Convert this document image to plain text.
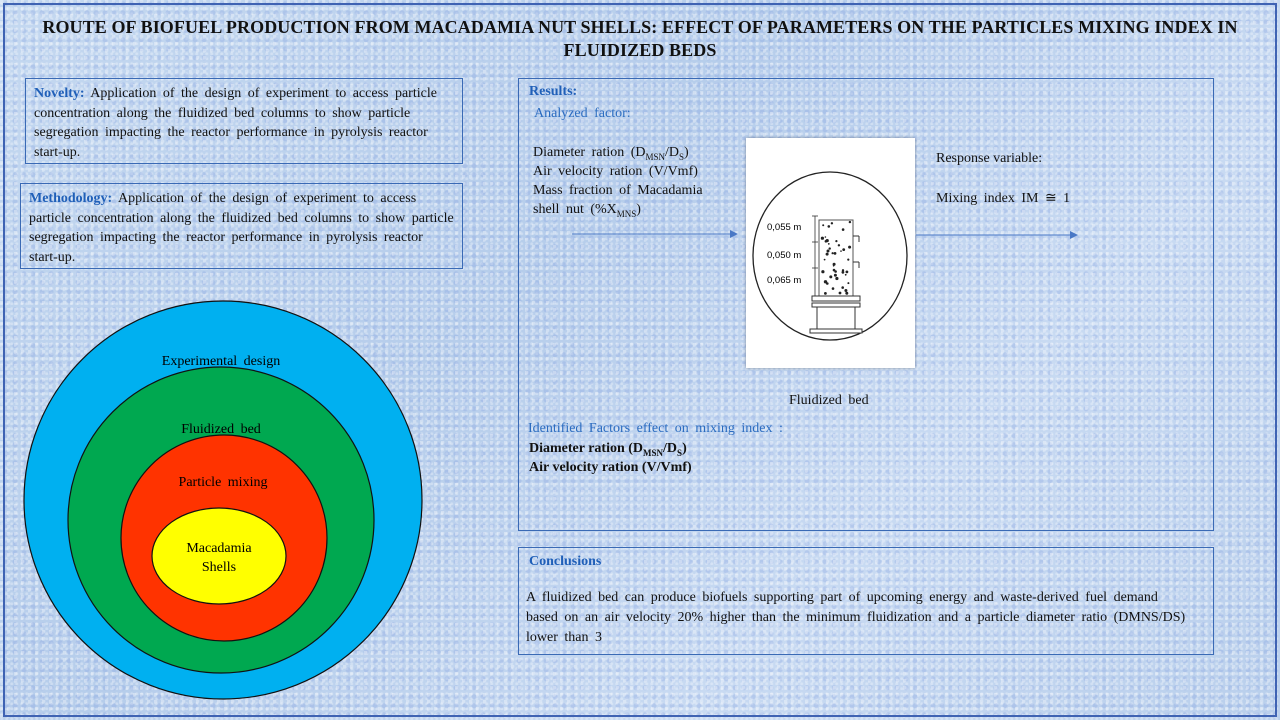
ROUTE OF BIOFUEL PRODUCTION FROM MACADAMIA NUT SHELLS: EFFECT OF PARAMETERS ON THE PARTICLES MIXING INDEX IN
FLUIDIZED BEDS
Novelty: Application of the design of experiment to access particle concentration along the fluidized bed columns to show particle segregation impacting the reactor performance in pyrolysis reactor start-up.
Methodology: Application of the design of experiment to access particle concentration along the fluidized bed columns to show particle segregation impacting the reactor performance in pyrolysis reactor start-up.
Experimental design
Fluidized bed
Particle mixing
Macadamia
Shells
Results:
Analyzed factor:
Diameter ration $(D_{MSN}/D_S)$
Air velocity ration (V/Vmf)
Mass fraction of Macadamia
shell nut $(\%X_{MNS})$
0,055 m
0,050 m
0,065 m
Response variable:
Mixing index IM ≅ 1
Fluidized bed
Identified Factors effect on mixing index :
Diameter ration $(D_{MSN}/D_S)$
Air velocity ration (V/Vmf)
Conclusions
A fluidized bed can produce biofuels supporting part of upcoming energy and waste-derived fuel demand based on an air velocity 20% higher than the minimum fluidization and a particle diameter ratio (DMNS/DS) lower than 3
